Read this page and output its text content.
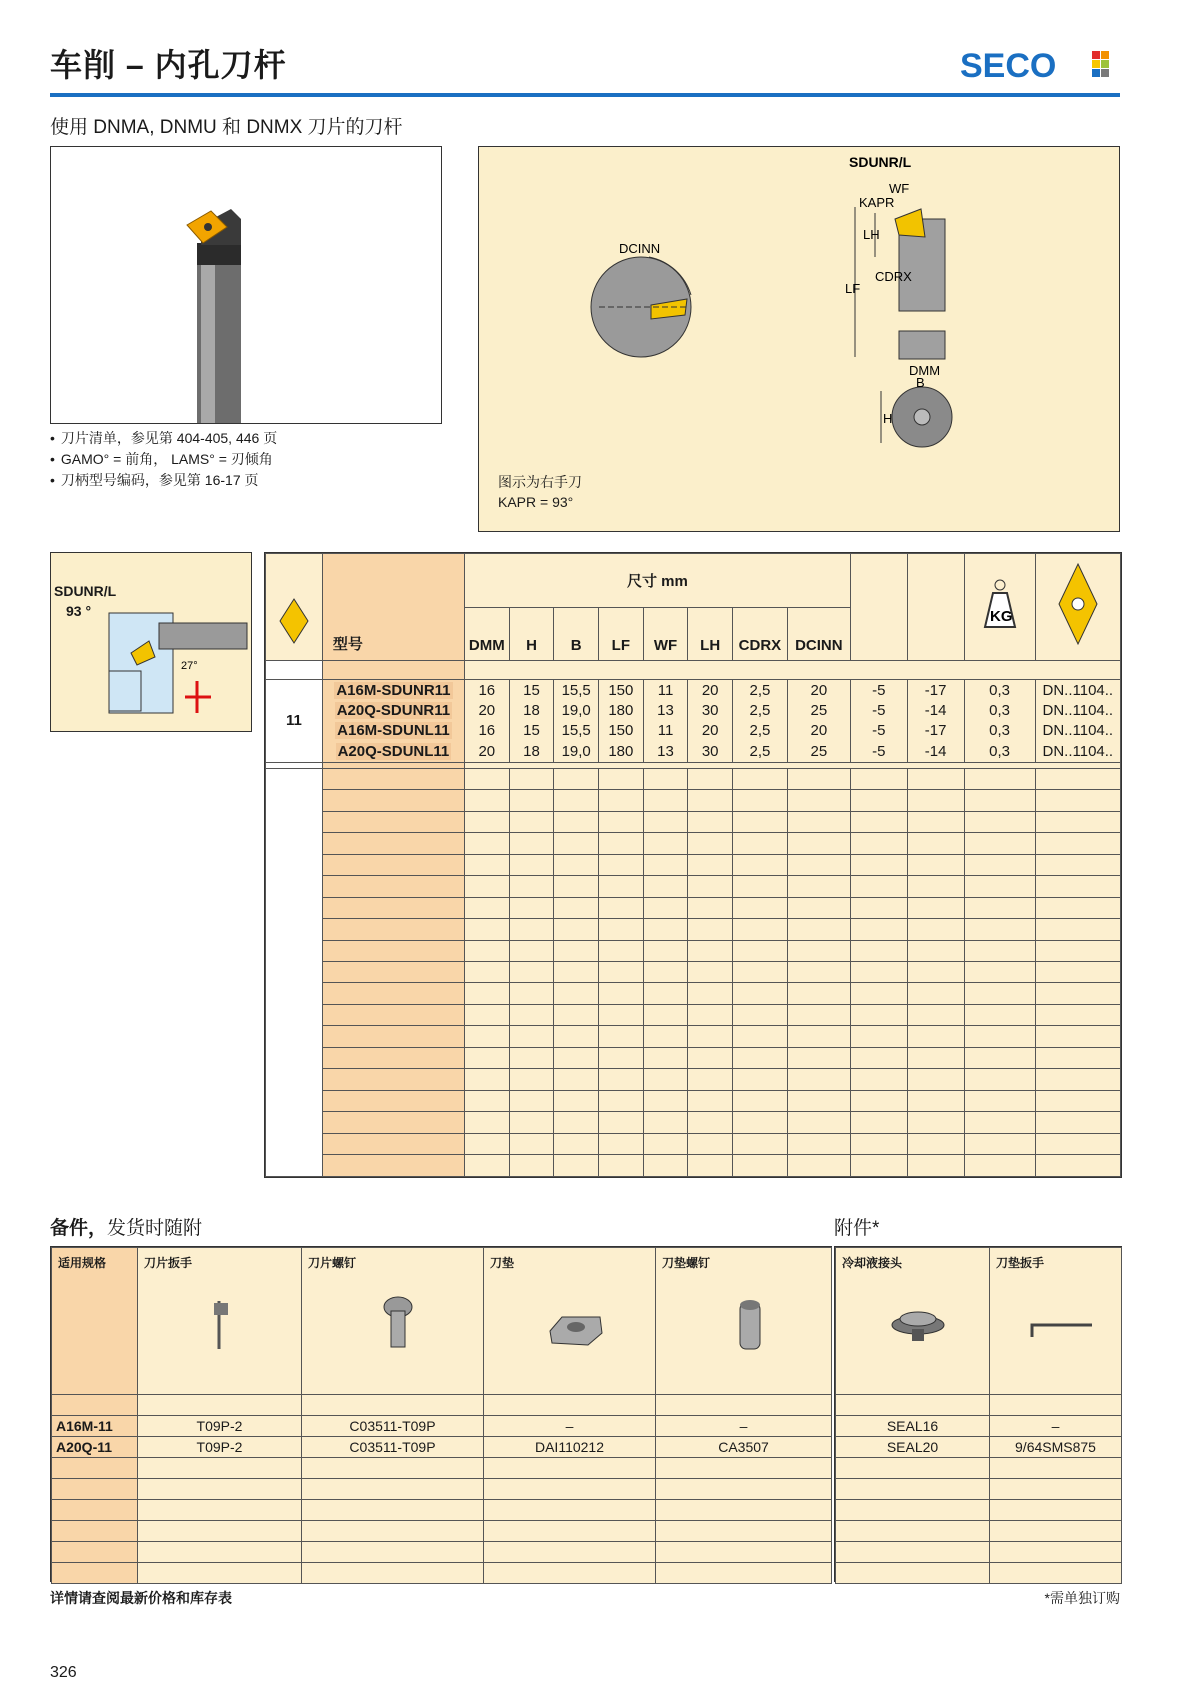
车削 – 内孔刀杆	SECO
使用 DNMA, DNMU 和 DNMX 刀片的刀杆
• 刀片清单，参见第 404-405, 446 页
• GAMO° = 前角， LAMS° = 刃倾角
• 刀柄型号编码，参见第 16-17 页
SDUNR/L
DCINN
WF
KAPR
LH
LF
CDRX
DMM
B
H
图示为右手刀
KAPR = 93°
SDUNR/L
93 °
27°
	型号	尺寸 mm										KG

		DMM	H	B	LF	WF	LH	CDRX	DCINN				

11	A16M-SDUNR11	16	15	15,5	150	11	20	2,5	20	-5	-17	0,3	DN..1104..
	A20Q-SDUNR11	20	18	19,0	180	13	30	2,5	25	-5	-14	0,3	DN..1104..
	A16M-SDUNL11	16	15	15,5	150	11	20	2,5	20	-5	-17	0,3	DN..1104..
	A20Q-SDUNL11	20	18	19,0	180	13	30	2,5	25	-5	-14	0,3	DN..1104..

备件，发货时随附	附件*
适用规格	刀片扳手	刀片螺钉	刀垫	刀垫螺钉

A16M-11	T09P-2	C03511-T09P	–	–
A20Q-11	T09P-2	C03511-T09P	DAI110212	CA3507

冷却液接头	刀垫扳手

SEAL16	–
SEAL20	9/64SMS875

详情请查阅最新价格和库存表	*需单独订购
326
